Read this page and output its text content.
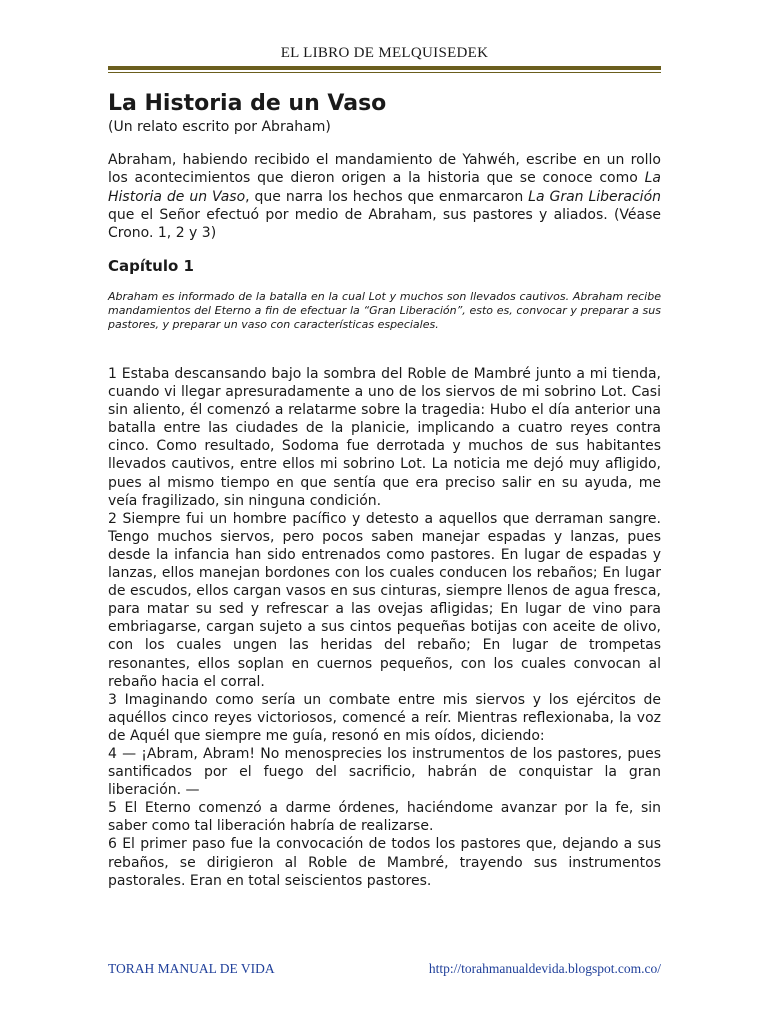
EL LIBRO DE MELQUISEDEK
La Historia de un Vaso
(Un relato escrito por Abraham)

Abraham, habiendo recibido el mandamiento de Yahwéh, escribe en un rollo los acontecimientos que dieron origen a la historia que se conoce como La Historia de un Vaso, que narra los hechos que enmarcaron La Gran Liberación que el Señor efectuó por medio de Abraham, sus pastores y aliados. (Véase Crono. 1, 2 y 3)

Capítulo 1

Abraham es informado de la batalla en la cual Lot y muchos son llevados cautivos. Abraham recibe mandamientos del Eterno a fin de efectuar la “Gran Liberación”, esto es, convocar y preparar a sus pastores, y preparar un vaso con características especiales.

1 Estaba descansando bajo la sombra del Roble de Mambré junto a mi tienda, cuando vi llegar apresuradamente a uno de los siervos de mi sobrino Lot. Casi sin aliento, él comenzó a relatarme sobre la tragedia: Hubo el día anterior una batalla entre las ciudades de la planicie, implicando a cuatro reyes contra cinco. Como resultado, Sodoma fue derrotada y muchos de sus habitantes llevados cautivos, entre ellos mi sobrino Lot. La noticia me dejó muy afligido, pues al mismo tiempo en que sentía que era preciso salir en su ayuda, me veía fragilizado, sin ninguna condición.

2 Siempre fui un hombre pacífico y detesto a aquellos que derraman sangre. Tengo muchos siervos, pero pocos saben manejar espadas y lanzas, pues desde la infancia han sido entrenados como pastores. En lugar de espadas y lanzas, ellos manejan bordones con los cuales conducen los rebaños; En lugar de escudos, ellos cargan vasos en sus cinturas, siempre llenos de agua fresca, para matar su sed y refrescar a las ovejas afligidas; En lugar de vino para embriagarse, cargan sujeto a sus cintos pequeñas botijas con aceite de olivo, con los cuales ungen las heridas del rebaño; En lugar de trompetas resonantes, ellos soplan en cuernos pequeños, con los cuales convocan al rebaño hacia el corral.

3 Imaginando como sería un combate entre mis siervos y los ejércitos de aquéllos cinco reyes victoriosos, comencé a reír. Mientras reflexionaba, la voz de Aquél que siempre me guía, resonó en mis oídos, diciendo:

4 — ¡Abram, Abram! No menosprecies los instrumentos de los pastores, pues santificados por el fuego del sacrificio, habrán de conquistar la gran liberación. —

5 El Eterno comenzó a darme órdenes, haciéndome avanzar por la fe, sin saber como tal liberación habría de realizarse.

6 El primer paso fue la convocación de todos los pastores que, dejando a sus rebaños, se dirigieron al Roble de Mambré, trayendo sus instrumentos pastorales. Eran en total seiscientos pastores.

TORAH MANUAL DE VIDA	http://torahmanualdevida.blogspot.com.co/
